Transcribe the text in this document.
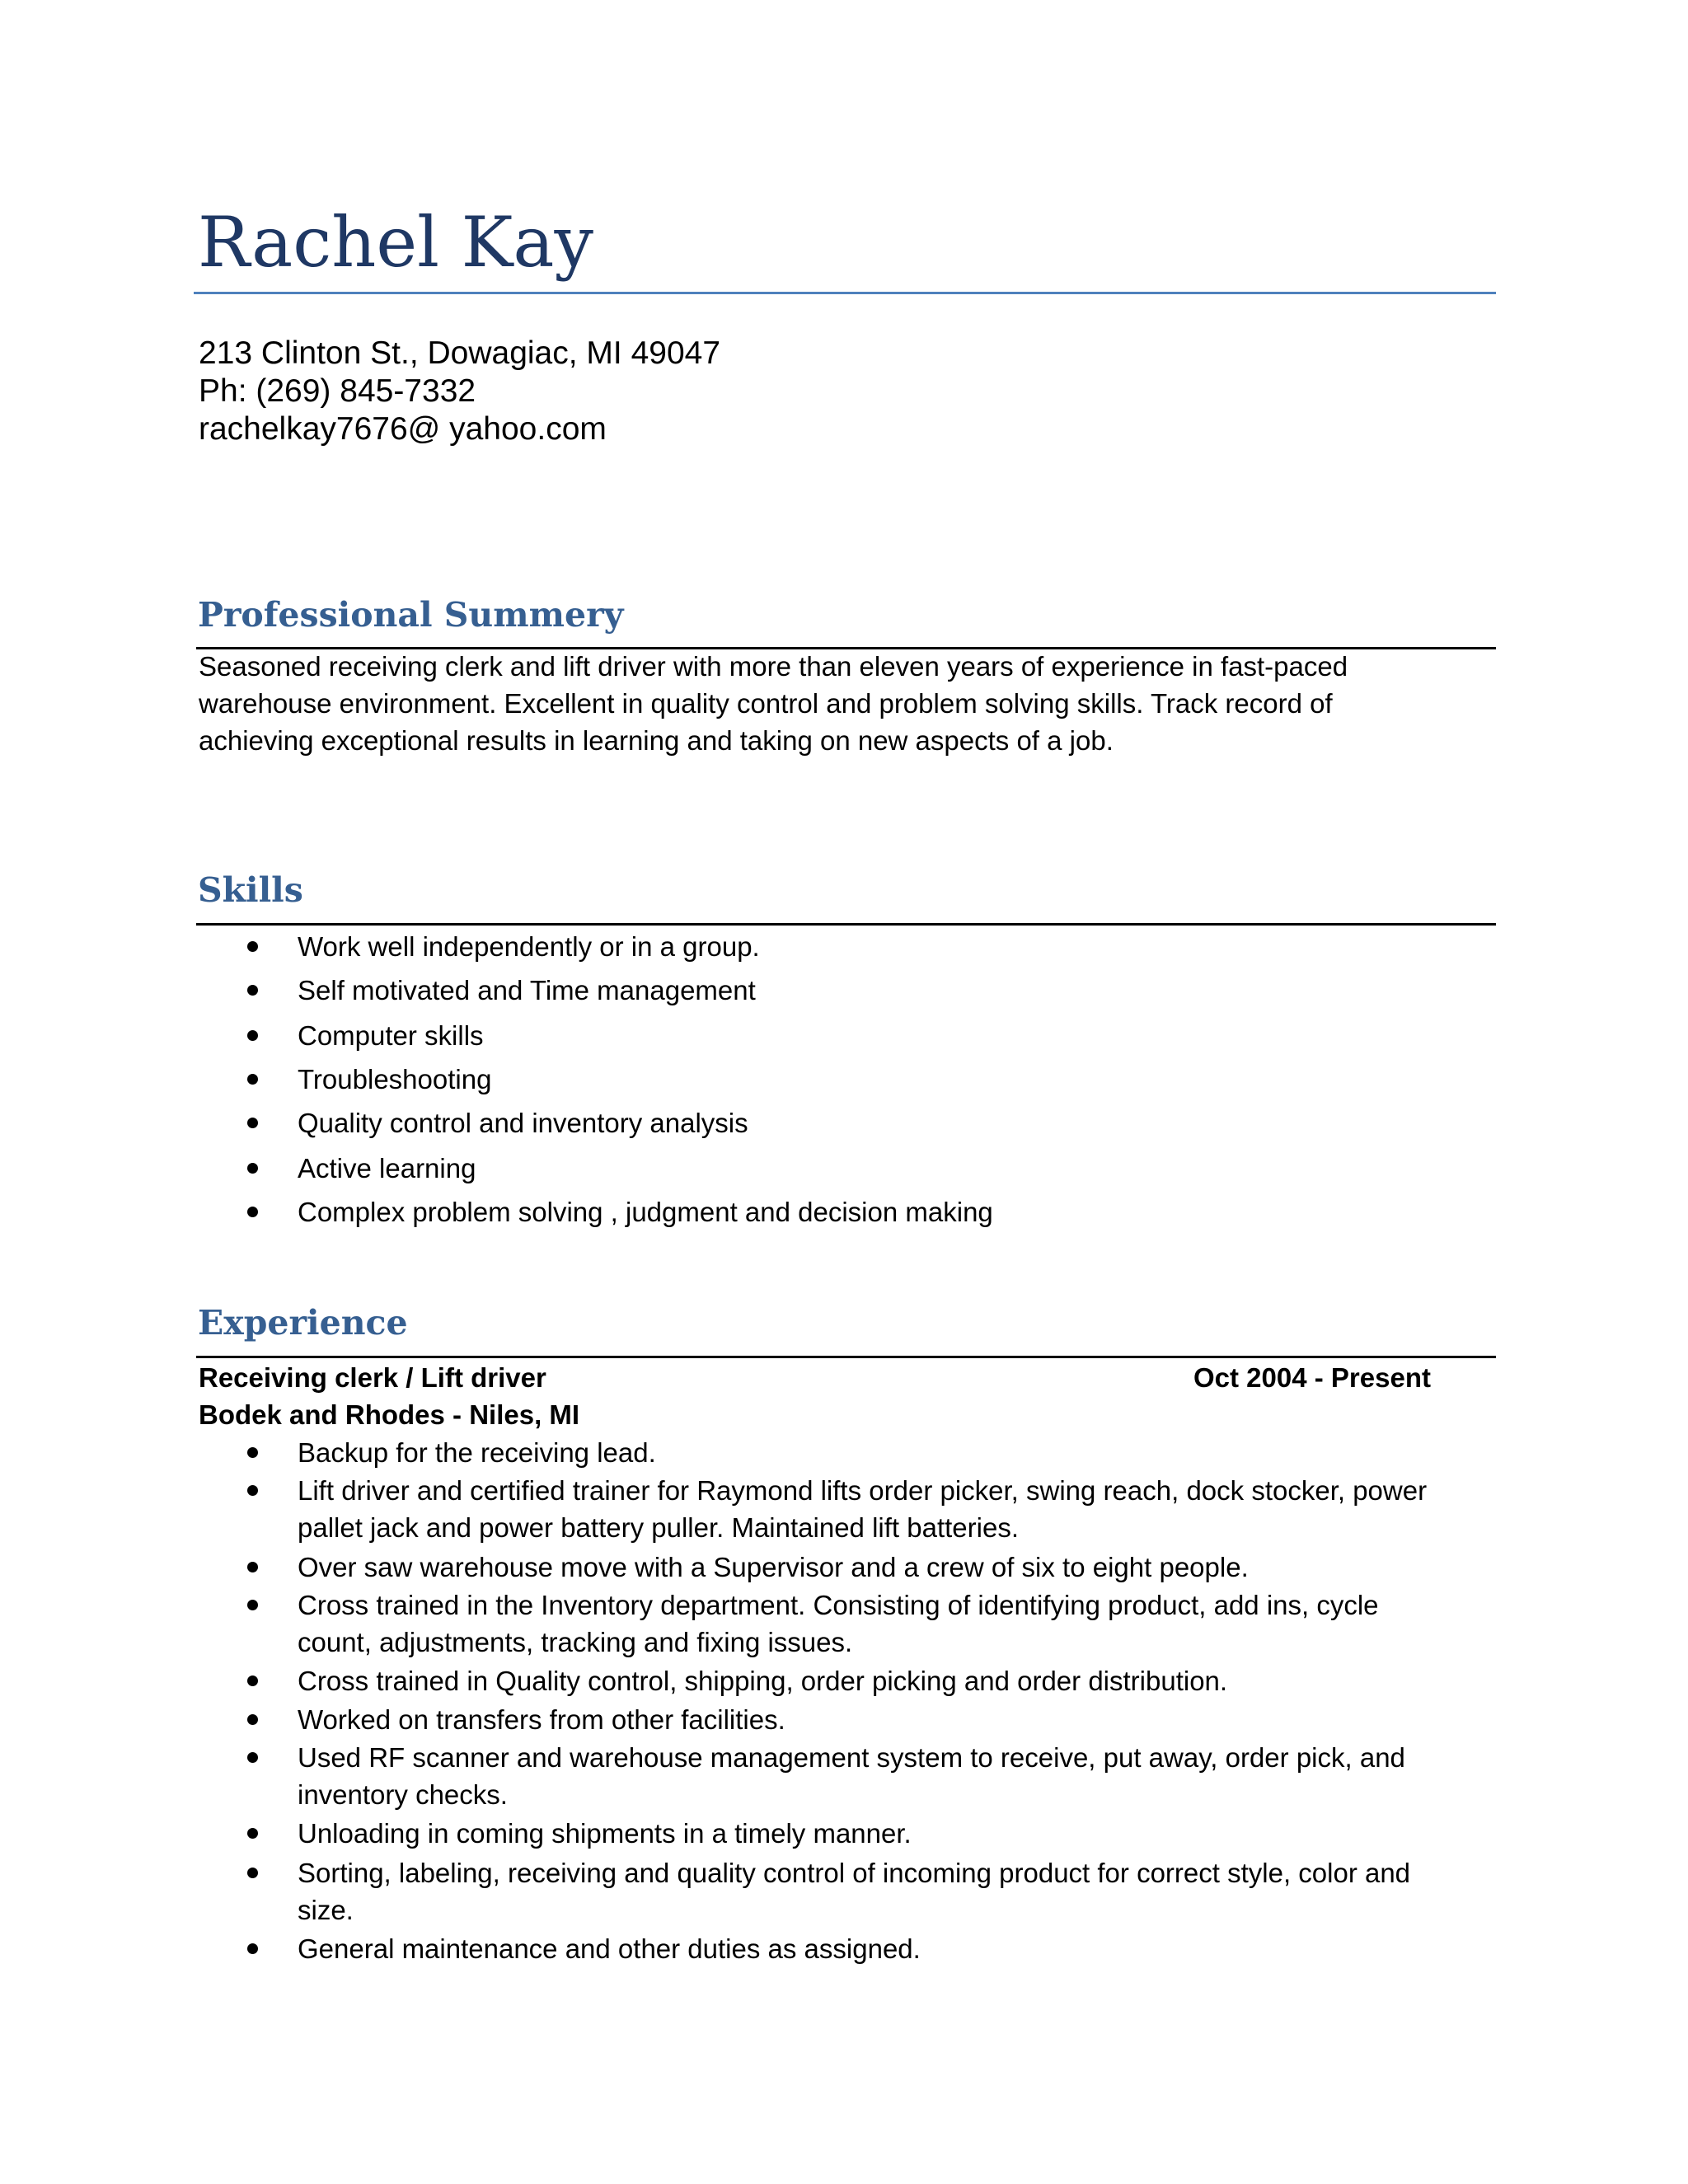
Rachel Kay
213 Clinton St., Dowagiac, MI 49047
Ph: (269) 845-7332
rachelkay7676@ yahoo.com
Professional Summery
Seasoned receiving clerk and lift driver with more than eleven years of experience in fast-paced
warehouse environment. Excellent in quality control and problem solving skills. Track record of
achieving exceptional results in learning and taking on new aspects of a job.
Skills
Work well independently or in a group.
Self motivated and Time management
Computer skills
Troubleshooting
Quality control and inventory analysis
Active learning
Complex problem solving , judgment and decision making
Experience
Receiving clerk / Lift driver	Oct 2004 - Present
Bodek and Rhodes - Niles, MI
Backup for the receiving lead.
Lift driver and certified trainer for Raymond lifts order picker, swing reach, dock stocker, power
pallet jack and power battery puller. Maintained lift batteries.
Over saw warehouse move with a Supervisor and a crew of six to eight people.
Cross trained in the Inventory department. Consisting of identifying product, add ins, cycle
count, adjustments, tracking and fixing issues.
Cross trained in Quality control, shipping, order picking and order distribution.
Worked on transfers from other facilities.
Used RF scanner and warehouse management system to receive, put away, order pick, and
inventory checks.
Unloading in coming shipments in a timely manner.
Sorting, labeling, receiving and quality control of incoming product for correct style, color and
size.
General maintenance and other duties as assigned.
